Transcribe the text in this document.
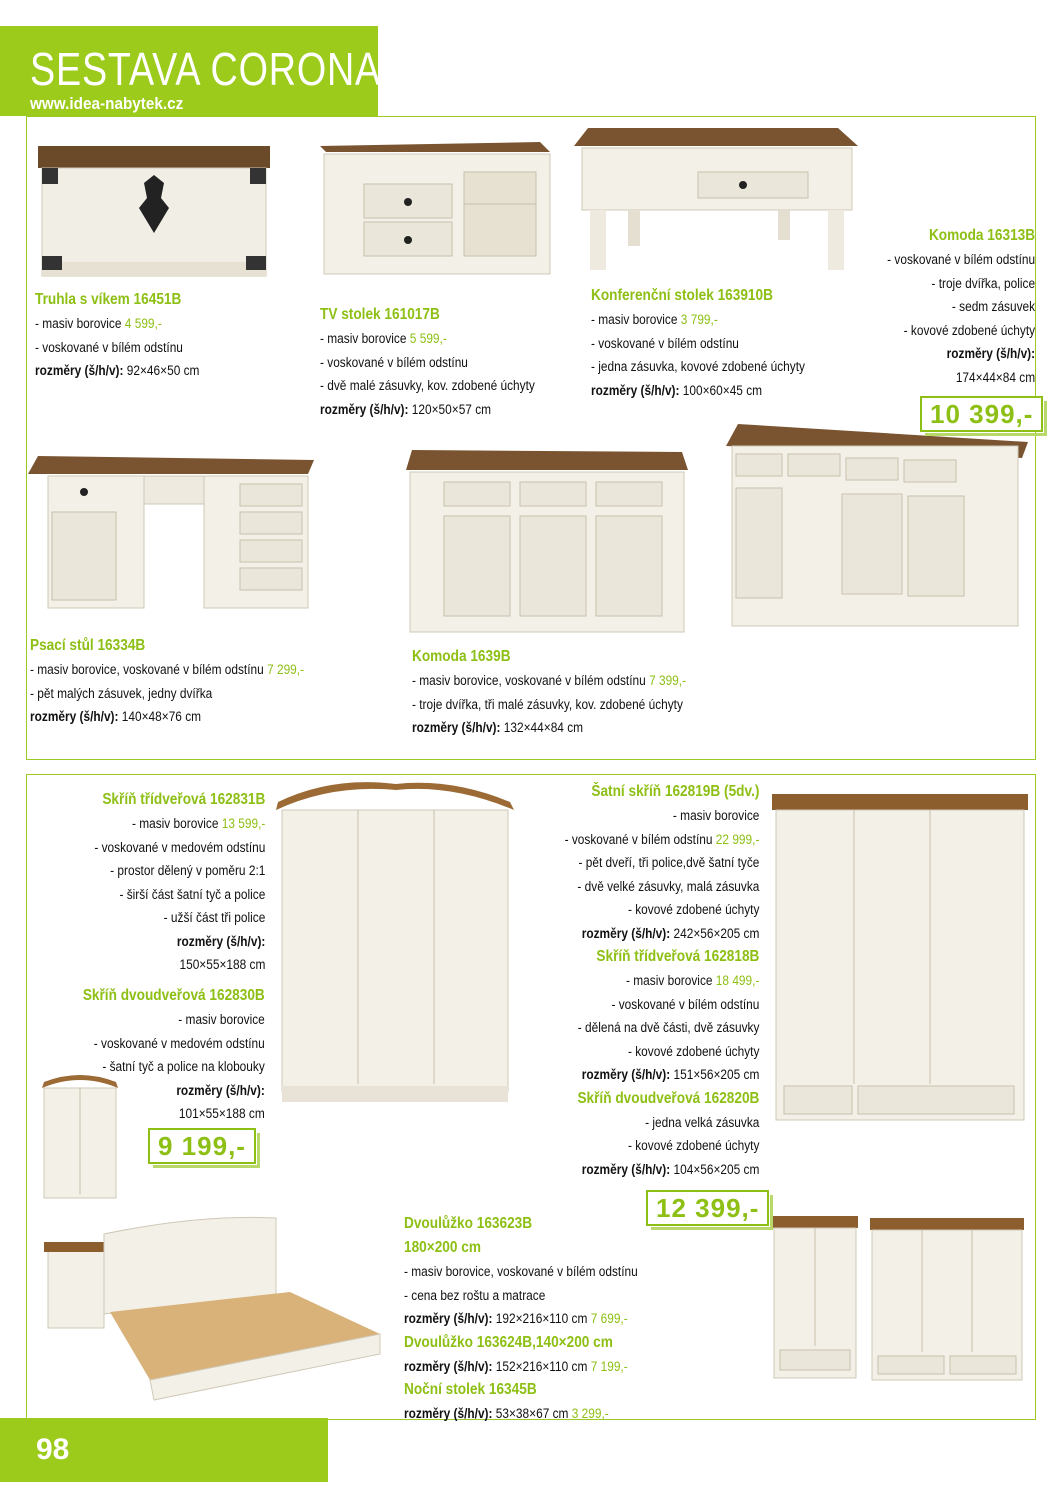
SESTAVA CORONA
www.idea-nabytek.cz
98
Truhla s víkem 16451B
- masiv borovice 4 599,-
- voskované v bílém odstínu
rozměry (š/h/v): 92×46×50 cm
TV stolek 161017B
- masiv borovice 5 599,-
- voskované v bílém odstínu
- dvě malé zásuvky, kov. zdobené úchyty
rozměry (š/h/v): 120×50×57 cm
Konferenční stolek 163910B
- masiv borovice 3 799,-
- voskované v bílém odstínu
- jedna zásuvka, kovové zdobené úchyty
rozměry (š/h/v): 100×60×45 cm
Komoda 16313B
- voskované v bílém odstínu
- troje dvířka, police
- sedm zásuvek
- kovové zdobené úchyty
rozměry (š/h/v):
174×44×84 cm
10 399,-
Psací stůl 16334B
- masiv borovice, voskované v bílém odstínu 7 299,-
- pět malých zásuvek, jedny dvířka
rozměry (š/h/v): 140×48×76 cm
Komoda 1639B
- masiv borovice, voskované v bílém odstínu 7 399,-
- troje dvířka, tři malé zásuvky, kov. zdobené úchyty
rozměry (š/h/v): 132×44×84 cm
Skříň třídveřová 162831B
- masiv borovice 13 599,-
- voskované v medovém odstínu
- prostor dělený v poměru 2:1
- širší část šatní tyč a police
- užší část tři police
rozměry (š/h/v):
150×55×188 cm
Skříň dvoudveřová 162830B
- masiv borovice
- voskované v medovém odstínu
- šatní tyč a police na klobouky
rozměry (š/h/v):
101×55×188 cm
9 199,-
Šatní skříň 162819B (5dv.)
- masiv borovice
- voskované v bílém odstínu 22 999,-
- pět dveří, tři police,dvě šatní tyče
- dvě velké zásuvky, malá zásuvka
- kovové zdobené úchyty
rozměry (š/h/v): 242×56×205 cm
Skříň třídveřová 162818B
- masiv borovice 18 499,-
- voskované v bílém odstínu
- dělená na dvě části, dvě zásuvky
- kovové zdobené úchyty
rozměry (š/h/v): 151×56×205 cm
Skříň dvoudveřová 162820B
- jedna velká zásuvka
- kovové zdobené úchyty
rozměry (š/h/v): 104×56×205 cm
12 399,-
Dvoulůžko 163623B
180×200 cm
- masiv borovice, voskované v bílém odstínu
- cena bez roštu a matrace
rozměry (š/h/v): 192×216×110 cm 7 699,-
Dvoulůžko 163624B,140×200 cm
rozměry (š/h/v): 152×216×110 cm 7 199,-
Noční stolek 16345B
rozměry (š/h/v): 53×38×67 cm 3 299,-
